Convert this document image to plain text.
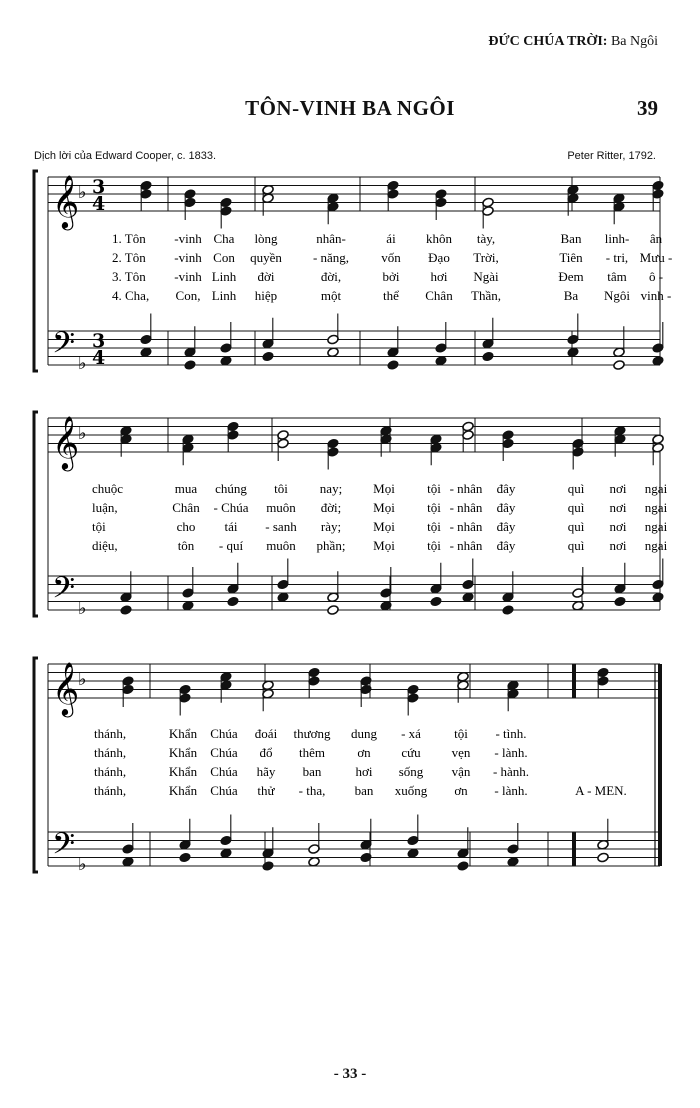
ĐỨC CHÚA TRỜI: Ba Ngôi
TÔN-VINH BA NGÔI	39
Dịch lời của Edward Cooper, c. 1833.	Peter Ritter, 1792.
𝄞
𝄢
♭
♭
3
4
3
4
1. Tôn -vinh Cha lòng	nhân-	ái khôn tày,	Ban linh- ân
2. Tôn -vinh Con quyền - năng, vốn Đạo Trời,	Tiên - tri, Mưu -
3. Tôn -vinh Linh đời	đời,	bởi hơi Ngài	Đem tâm ô -
4. Cha, Con, Linh hiệp	một	thể Chân Thần,	Ba Ngôi vinh -
𝄞
𝄢
♭
♭
chuộc	mua chúng tôi nay; Mọi tội - nhân đây	quì nơi ngai
luận,	Chân - Chúa muôn đời; Mọi tội - nhân đây	quì nơi ngai
tội	cho tái - sanh rày; Mọi tội - nhân đây	quì nơi ngai
diệu,	tôn - quí muôn phần; Mọi tội - nhân đây	quì nơi ngai
𝄞
𝄢
♭
♭
thánh,	Khẩn Chúa đoái thương dung - xá	tội - tình.
thánh,	Khẩn Chúa đổ thêm ơn cứu vẹn - lành.
thánh,	Khẩn Chúa hãy ban	hơi sống vận - hành.
thánh,	Khẩn Chúa thử - tha, ban xuống ơn - lành.	A - MEN.
- 33 -
